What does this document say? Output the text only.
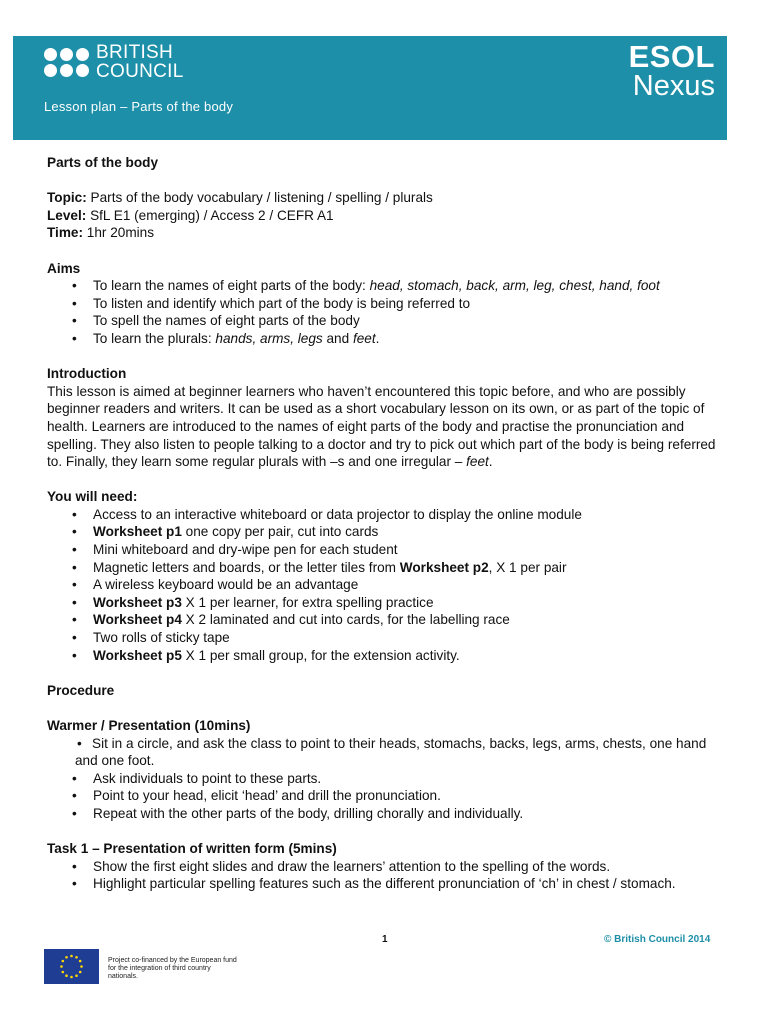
BRITISH
COUNCIL
Lesson plan – Parts of the body
ESOL
Nexus

Parts of the body

Topic: Parts of the body vocabulary / listening / spelling / plurals

Level: SfL E1 (emerging) / Access 2 / CEFR A1

Time: 1hr 20mins

Aims

• To learn the names of eight parts of the body: head, stomach, back, arm, leg, chest, hand, foot
• To listen and identify which part of the body is being referred to
• To spell the names of eight parts of the body
• To learn the plurals: hands, arms, legs and feet.

Introduction

This lesson is aimed at beginner learners who haven’t encountered this topic before, and who are possibly beginner readers and writers. It can be used as a short vocabulary lesson on its own, or as part of the topic of health. Learners are introduced to the names of eight parts of the body and practise the pronunciation and spelling. They also listen to people talking to a doctor and try to pick out which part of the body is being referred to. Finally, they learn some regular plurals with –s and one irregular – feet.

You will need:

• Access to an interactive whiteboard or data projector to display the online module
• Worksheet p1 one copy per pair, cut into cards
• Mini whiteboard and dry-wipe pen for each student
• Magnetic letters and boards, or the letter tiles from Worksheet p2, X 1 per pair
• A wireless keyboard would be an advantage
• Worksheet p3 X 1 per learner, for extra spelling practice
• Worksheet p4 X 2 laminated and cut into cards, for the labelling race
• Two rolls of sticky tape
• Worksheet p5 X 1 per small group, for the extension activity.

Procedure

Warmer / Presentation (10mins)

• Sit in a circle, and ask the class to point to their heads, stomachs, backs, legs, arms, chests, one hand and one foot.

• Ask individuals to point to these parts.
• Point to your head, elicit ‘head’ and drill the pronunciation.
• Repeat with the other parts of the body, drilling chorally and individually.

Task 1 – Presentation of written form (5mins)

• Show the first eight slides and draw the learners’ attention to the spelling of the words.
• Highlight particular spelling features such as the different pronunciation of ‘ch’ in chest / stomach.
1	© British Council 2014
Project co-financed by the European fund for the integration of third country nationals.
